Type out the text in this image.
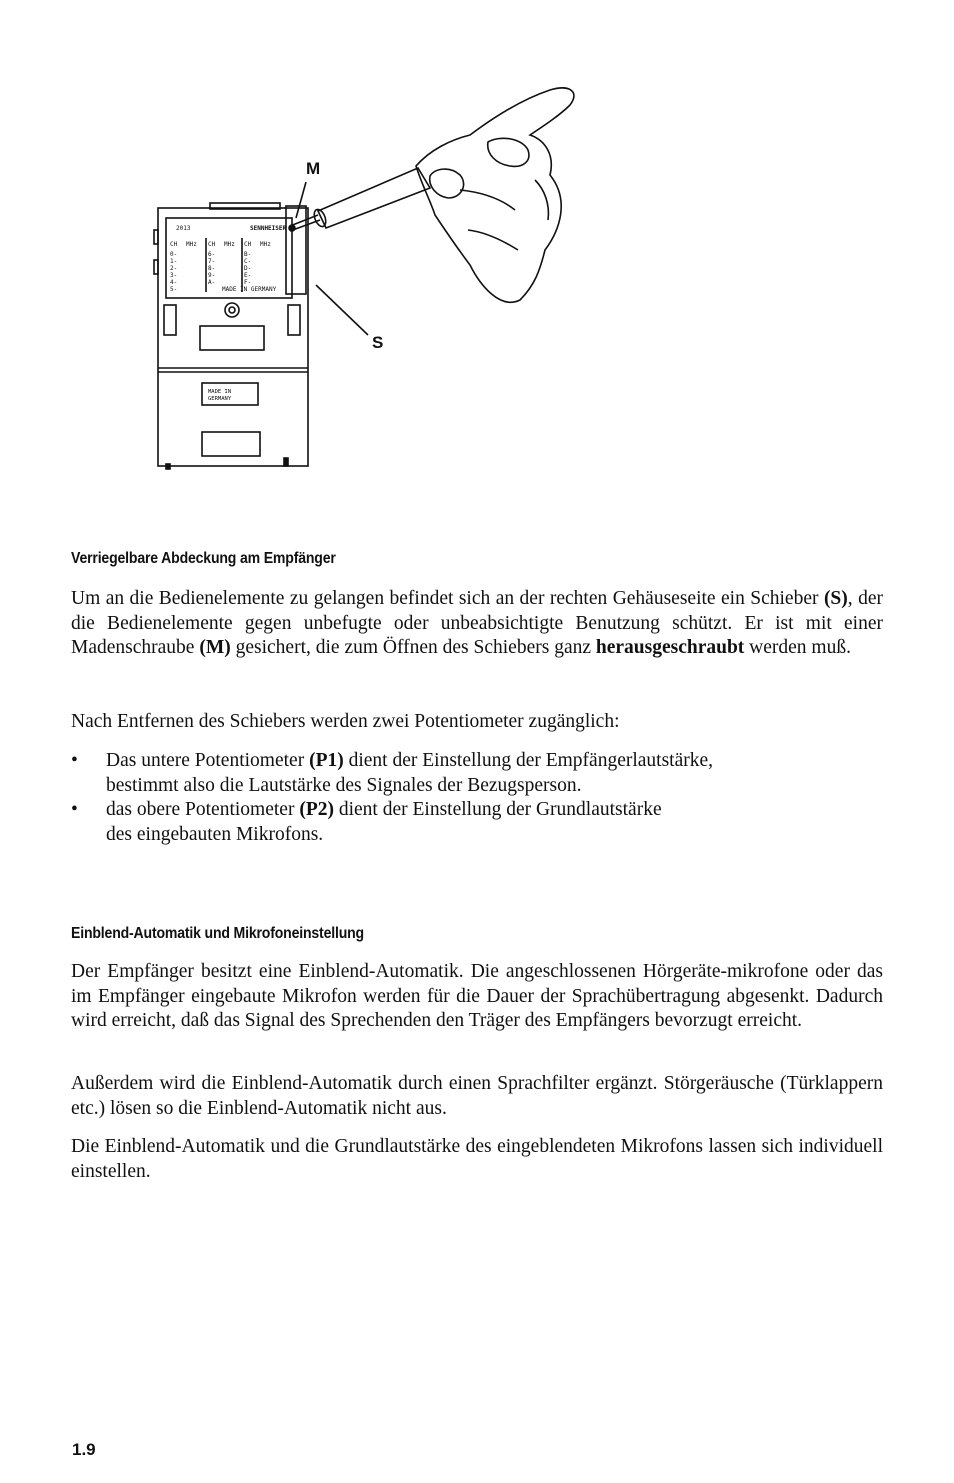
2013	SENNHEISER
CH MHz CH MHz CH MHz
0-
1-
2-
3-
4-
5-
6-
7-
8-
9-
A-
B-
C-
D-
E-
F-
MADE IN GERMANY
MADE IN
GERMANY
M
S
Verriegelbare Abdeckung am Empfänger

Um an die Bedienelemente zu gelangen befindet sich an der rechten Gehäuseseite ein Schieber (S), der die Bedienelemente gegen unbefugte oder unbeabsichtigte Benutzung schützt. Er ist mit einer Madenschraube (M) gesichert, die zum Öffnen des Schiebers ganz herausgeschraubt werden muß.

Nach Entfernen des Schiebers werden zwei Potentiometer zugänglich:

• Das untere Potentiometer (P1) dient der Einstellung der Empfängerlautstärke,
bestimmt also die Lautstärke des Signales der Bezugsperson.
• das obere Potentiometer (P2) dient der Einstellung der Grundlautstärke
des eingebauten Mikrofons.
Einblend-Automatik und Mikrofoneinstellung

Der Empfänger besitzt eine Einblend-Automatik. Die angeschlossenen Hörgeräte-mikrofone oder das im Empfänger eingebaute Mikrofon werden für die Dauer der Sprachübertragung abgesenkt. Dadurch wird erreicht, daß das Signal des Sprechenden den Träger des Empfängers bevorzugt erreicht.

Außerdem wird die Einblend-Automatik durch einen Sprachfilter ergänzt. Störgeräusche (Türklappern etc.) lösen so die Einblend-Automatik nicht aus.

Die Einblend-Automatik und die Grundlautstärke des eingeblendeten Mikrofons lassen sich individuell einstellen.

1.9
